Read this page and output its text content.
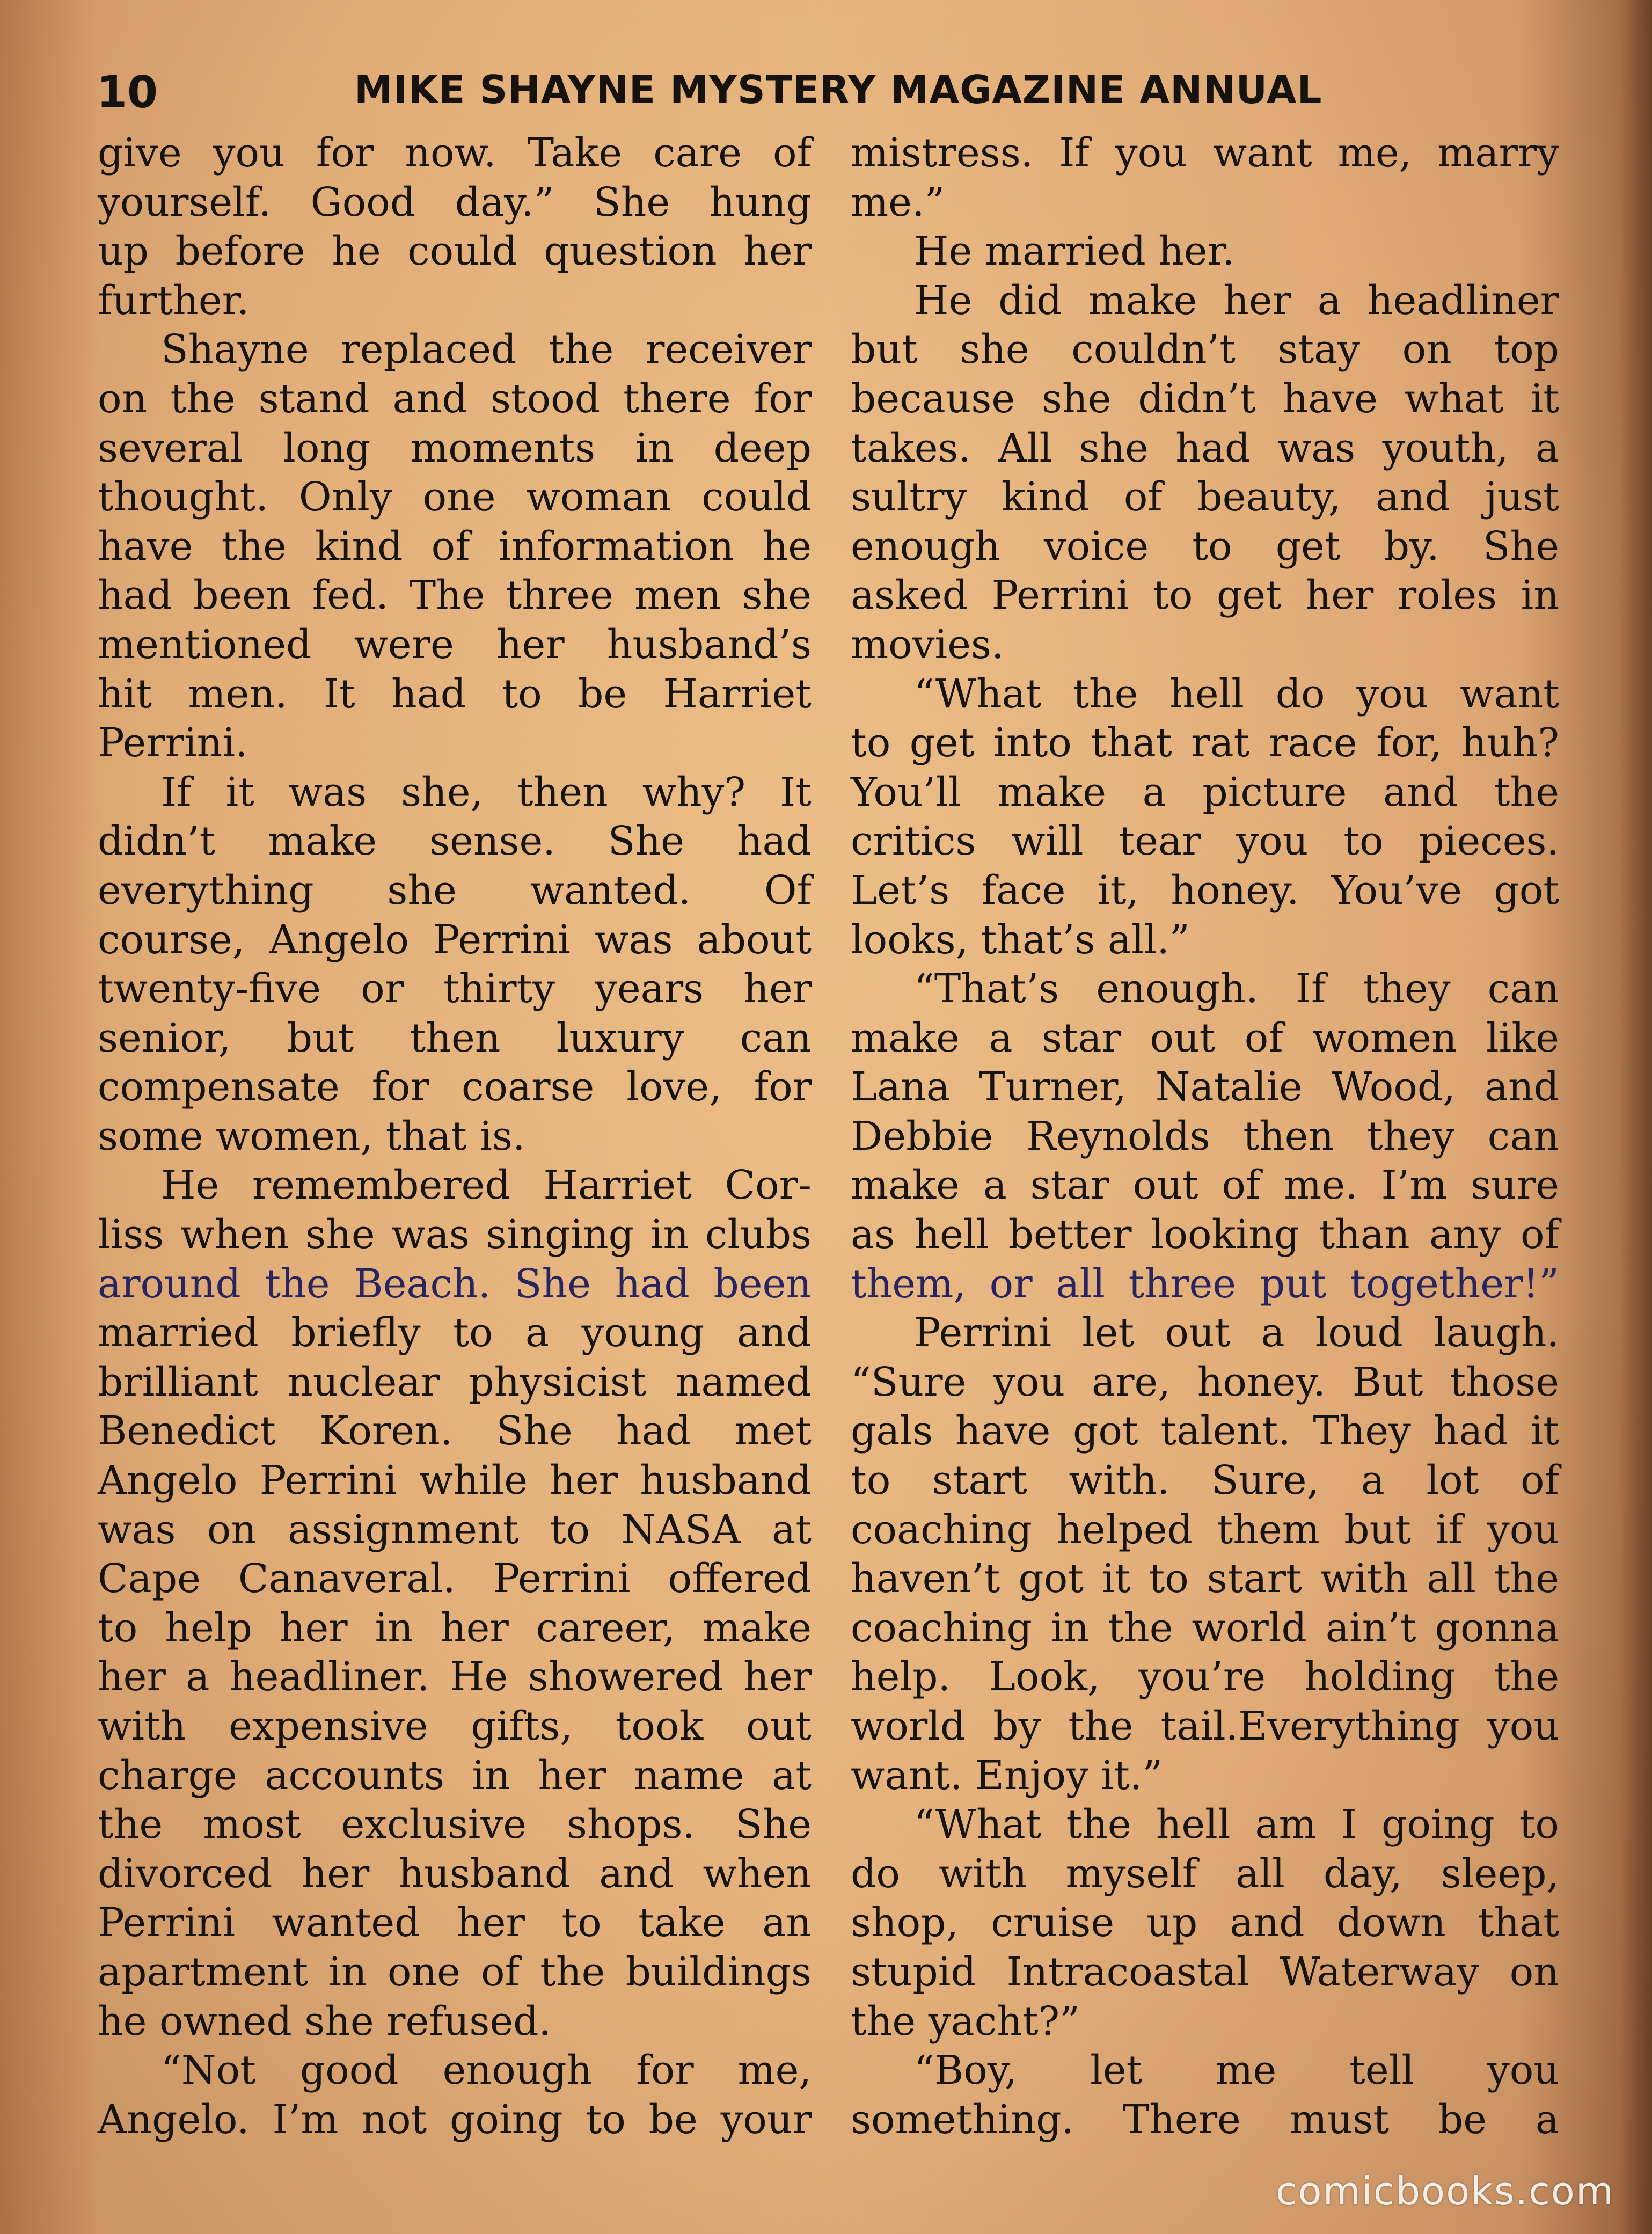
10	MIKE SHAYNE MYSTERY MAGAZINE ANNUAL
give you for now. Take care of
yourself. Good day.” She hung
up before he could question her
further.
Shayne replaced the receiver
on the stand and stood there for
several long moments in deep
thought. Only one woman could
have the kind of information he
had been fed. The three men she
mentioned were her husband’s
hit men. It had to be Harriet
Perrini.
If it was she, then why? It
didn’t make sense. She had
everything she wanted. Of
course, Angelo Perrini was about
twenty-five or thirty years her
senior, but then luxury can
compensate for coarse love, for
some women, that is.
He remembered Harriet Cor-
liss when she was singing in clubs
around the Beach. She had been
married briefly to a young and
brilliant nuclear physicist named
Benedict Koren. She had met
Angelo Perrini while her husband
was on assignment to NASA at
Cape Canaveral. Perrini offered
to help her in her career, make
her a headliner. He showered her
with expensive gifts, took out
charge accounts in her name at
the most exclusive shops. She
divorced her husband and when
Perrini wanted her to take an
apartment in one of the buildings
he owned she refused.
“Not good enough for me,
Angelo. I’m not going to be your
mistress. If you want me, marry
me.”
He married her.
He did make her a headliner
but she couldn’t stay on top
because she didn’t have what it
takes. All she had was youth, a
sultry kind of beauty, and just
enough voice to get by. She
asked Perrini to get her roles in
movies.
“What the hell do you want
to get into that rat race for, huh?
You’ll make a picture and the
critics will tear you to pieces.
Let’s face it, honey. You’ve got
looks, that’s all.”
“That’s enough. If they can
make a star out of women like
Lana Turner, Natalie Wood, and
Debbie Reynolds then they can
make a star out of me. I’m sure
as hell better looking than any of
them, or all three put together!”
Perrini let out a loud laugh.
“Sure you are, honey. But those
gals have got talent. They had it
to start with. Sure, a lot of
coaching helped them but if you
haven’t got it to start with all the
coaching in the world ain’t gonna
help. Look, you’re holding the
world by the tail.Everything you
want. Enjoy it.”
“What the hell am I going to
do with myself all day, sleep,
shop, cruise up and down that
stupid Intracoastal Waterway on
the yacht?”
“Boy, let me tell you
something. There must be a
comicbooks.com
